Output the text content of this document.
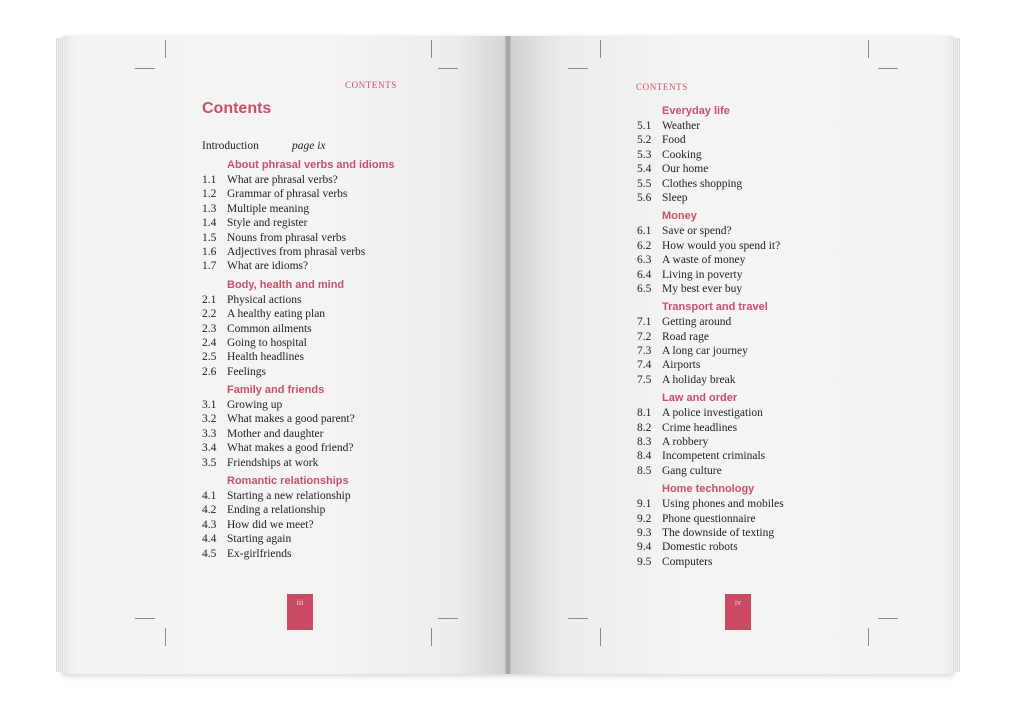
CONTENTS
Contents
Introduction	page ix
About phrasal verbs and idioms
1.1 What are phrasal verbs?
1.2 Grammar of phrasal verbs
1.3 Multiple meaning
1.4 Style and register
1.5 Nouns from phrasal verbs
1.6 Adjectives from phrasal verbs
1.7 What are idioms?
Body, health and mind
2.1 Physical actions
2.2 A healthy eating plan
2.3 Common ailments
2.4 Going to hospital
2.5 Health headlines
2.6 Feelings
Family and friends
3.1 Growing up
3.2 What makes a good parent?
3.3 Mother and daughter
3.4 What makes a good friend?
3.5 Friendships at work
Romantic relationships
4.1 Starting a new relationship
4.2 Ending a relationship
4.3 How did we meet?
4.4 Starting again
4.5 Ex-girlfriends
iii
CONTENTS
Everyday life
5.1 Weather
5.2 Food
5.3 Cooking
5.4 Our home
5.5 Clothes shopping
5.6 Sleep
Money
6.1 Save or spend?
6.2 How would you spend it?
6.3 A waste of money
6.4 Living in poverty
6.5 My best ever buy
Transport and travel
7.1 Getting around
7.2 Road rage
7.3 A long car journey
7.4 Airports
7.5 A holiday break
Law and order
8.1 A police investigation
8.2 Crime headlines
8.3 A robbery
8.4 Incompetent criminals
8.5 Gang culture
Home technology
9.1 Using phones and mobiles
9.2 Phone questionnaire
9.3 The downside of texting
9.4 Domestic robots
9.5 Computers
iv
